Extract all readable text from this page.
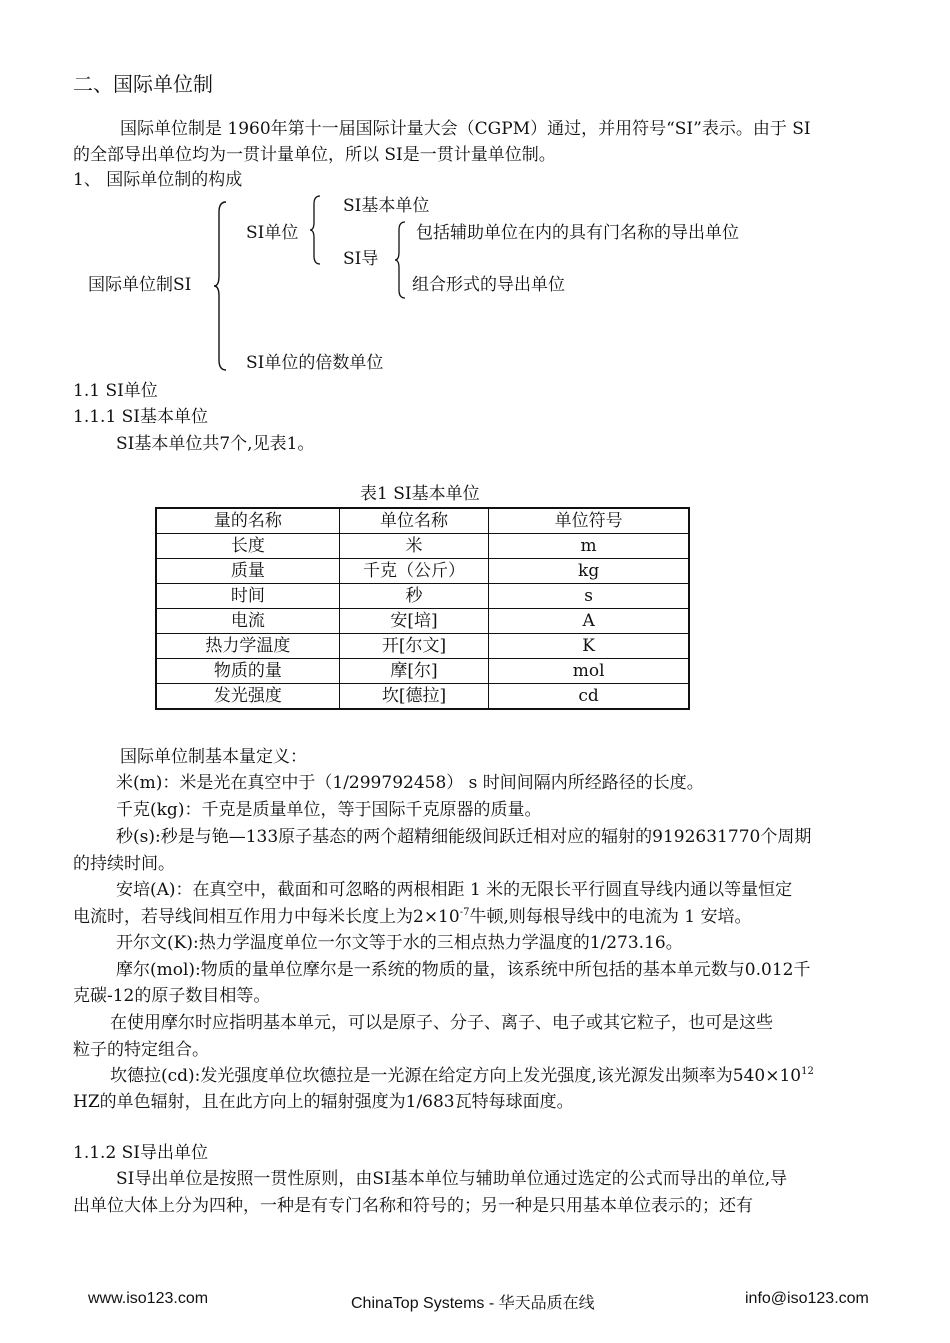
二、国际单位制
国际单位制是 1960年第十一届国际计量大会（CGPM）通过，并用符号“SI”表示。由于 SI
的全部导出单位均为一贯计量单位，所以 SI是一贯计量单位制。
1、 国际单位制的构成
国际单位制SI
SI单位
SI基本单位
SI导
包括辅助单位在内的具有门名称的导出单位
组合形式的导出单位
SI单位的倍数单位
1.1 SI单位
1.1.1 SI基本单位
SI基本单位共7个,见表1。
表1 SI基本单位
量的名称	单位名称	单位符号
长度	米	m
质量	千克（公斤）	kg
时间	秒	s
电流	安[培]	A
热力学温度	开[尔文]	K
物质的量	摩[尔]	mol
发光强度	坎[德拉]	cd
国际单位制基本量定义：
米(m)：米是光在真空中于（1/299792458） s 时间间隔内所经路径的长度。
千克(kg)：千克是质量单位，等于国际千克原器的质量。
秒(s):秒是与铯—133原子基态的两个超精细能级间跃迁相对应的辐射的9192631770个周期
的持续时间。
安培(A)：在真空中，截面和可忽略的两根相距 1 米的无限长平行圆直导线内通以等量恒定
电流时，若导线间相互作用力中每米长度上为$2\times 10^{-7}$牛顿,则每根导线中的电流为 1 安培。
开尔文(K):热力学温度单位一尔文等于水的三相点热力学温度的1/273.16。
摩尔(mol):物质的量单位摩尔是一系统的物质的量，该系统中所包括的基本单元数与0.012千
克碳-12的原子数目相等。
在使用摩尔时应指明基本单元，可以是原子、分子、离子、电子或其它粒子，也可是这些
粒子的特定组合。
坎德拉(cd):发光强度单位坎德拉是一光源在给定方向上发光强度,该光源发出频率为$540\times 10^{12}$
HZ的单色辐射，且在此方向上的辐射强度为1/683瓦特每球面度。
1.1.2 SI导出单位
SI导出单位是按照一贯性原则，由SI基本单位与辅助单位通过选定的公式而导出的单位,导
出单位大体上分为四种，一种是有专门名称和符号的；另一种是只用基本单位表示的；还有
www.iso123.com	ChinaTop Systems - 华天品质在线	info@iso123.com
